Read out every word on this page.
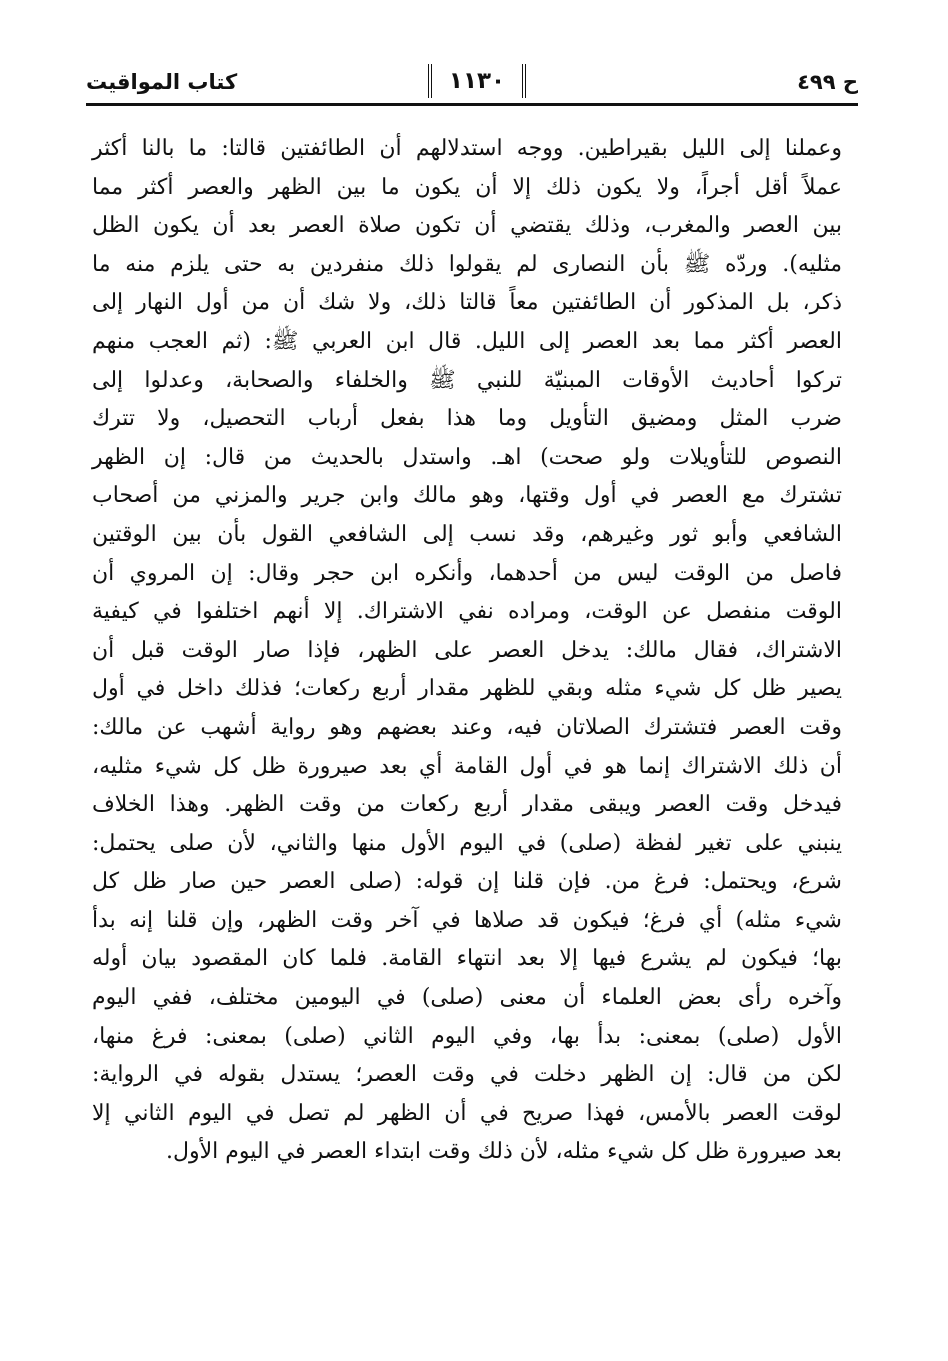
كتاب المواقيت	١١٣٠	ح ٤٩٩
وعملنا إلى الليل بقيراطين. ووجه استدلالهم أن الطائفتين قالتا: ما بالنا أكثر
عملاً أقل أجراً، ولا يكون ذلك إلا أن يكون ما بين الظهر والعصر أكثر مما
بين العصر والمغرب، وذلك يقتضي أن تكون صلاة العصر بعد أن يكون الظل
مثليه). وردّه ﷺ بأن النصارى لم يقولوا ذلك منفردين به حتى يلزم منه ما
ذكر، بل المذكور أن الطائفتين معاً قالتا ذلك، ولا شك أن من أول النهار إلى
العصر أكثر مما بعد العصر إلى الليل. قال ابن العربي ﷺ: (ثم العجب منهم
تركوا أحاديث الأوقات المبنيّة للنبي ﷺ والخلفاء والصحابة، وعدلوا إلى
ضرب المثل ومضيق التأويل وما هذا بفعل أرباب التحصيل، ولا تترك
النصوص للتأويلات ولو صحت) اهـ. واستدل بالحديث من قال: إن الظهر
تشترك مع العصر في أول وقتها، وهو مالك وابن جرير والمزني من أصحاب
الشافعي وأبو ثور وغيرهم، وقد نسب إلى الشافعي القول بأن بين الوقتين
فاصل من الوقت ليس من أحدهما، وأنكره ابن حجر وقال: إن المروي أن
الوقت منفصل عن الوقت، ومراده نفي الاشتراك. إلا أنهم اختلفوا في كيفية
الاشتراك، فقال مالك: يدخل العصر على الظهر، فإذا صار الوقت قبل أن
يصير ظل كل شيء مثله وبقي للظهر مقدار أربع ركعات؛ فذلك داخل في أول
وقت العصر فتشترك الصلاتان فيه، وعند بعضهم وهو رواية أشهب عن مالك:
أن ذلك الاشتراك إنما هو في أول القامة أي بعد صيرورة ظل كل شيء مثليه،
فيدخل وقت العصر ويبقى مقدار أربع ركعات من وقت الظهر. وهذا الخلاف
ينبني على تغير لفظة (صلى) في اليوم الأول منها والثاني، لأن صلى يحتمل:
شرع، ويحتمل: فرغ من. فإن قلنا إن قوله: (صلى العصر حين صار ظل كل
شيء مثله) أي فرغ؛ فيكون قد صلاها في آخر وقت الظهر، وإن قلنا إنه بدأ
بها؛ فيكون لم يشرع فيها إلا بعد انتهاء القامة. فلما كان المقصود بيان أوله
وآخره رأى بعض العلماء أن معنى (صلى) في اليومين مختلف، ففي اليوم
الأول (صلى) بمعنى: بدأ بها، وفي اليوم الثاني (صلى) بمعنى: فرغ منها،
لكن من قال: إن الظهر دخلت في وقت العصر؛ يستدل بقوله في الرواية:
لوقت العصر بالأمس، فهذا صريح في أن الظهر لم تصل في اليوم الثاني إلا
بعد صيرورة ظل كل شيء مثله، لأن ذلك وقت ابتداء العصر في اليوم الأول.
